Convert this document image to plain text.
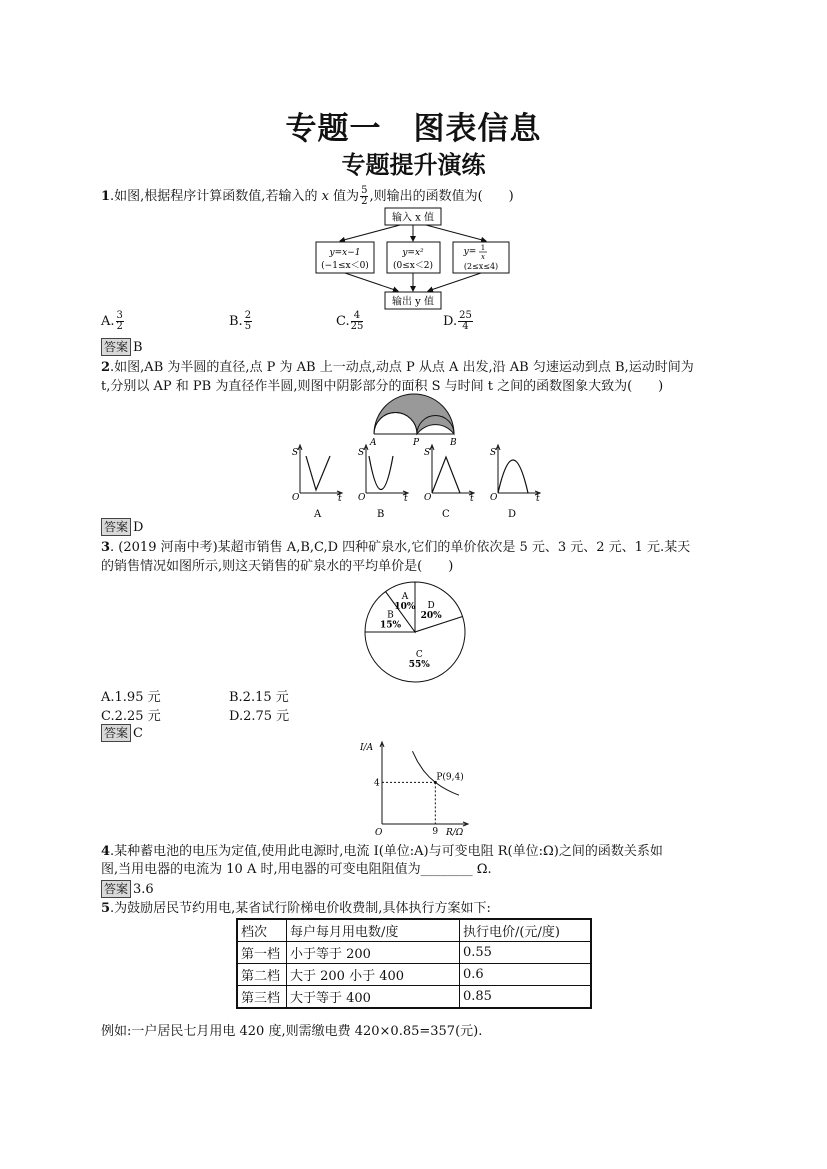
专题一　图表信息
专题提升演练
1.如图,根据程序计算函数值,若输入的 x 值为 $\frac{5}{2}$ ,则输出的函数值为(　　)
输入 x 值
y=x−1
(−1≤x＜0)
y=x²
(0≤x＜2)
y= 1
x
(2≤x≤4)
输出 y 值
A. $\frac{3}{2}$	B. $\frac{2}{5}$	C. $\frac{4}{25}$	D. $\frac{25}{4}$
答案 B
2.如图,AB 为半圆的直径,点 P 为 AB 上一动点,动点 P 从点 A 出发,沿 AB 匀速运动到点 B,运动时间为
t,分别以 AP 和 PB 为直径作半圆,则图中阴影部分的面积 S 与时间 t 之间的函数图象大致为(　　)
A	P	B
S
O	t
A
S
O	t
B
S
O	t
C
S
O	t
D
答案 D
3. (2019 河南中考)某超市销售 A,B,C,D 四种矿泉水,它们的单价依次是 5 元、3 元、2 元、1 元.某天
的销售情况如图所示,则这天销售的矿泉水的平均单价是(　　)
D
20%
C
55%
B
15%
A
10%
A.1.95 元	B.2.15 元
C.2.25 元	D.2.75 元
答案 C
P(9,4)
I/A
R/Ω
O
4
9
4.某种蓄电池的电压为定值,使用此电源时,电流 I(单位:A)与可变电阻 R(单位:Ω)之间的函数关系如
图,当用电器的电流为 10 A 时,用电器的可变电阻阻值为________ Ω.
答案 3.6
5.为鼓励居民节约用电,某省试行阶梯电价收费制,具体执行方案如下:
档次	每户每月用电数/度	执行电价/(元/度)
第一档	小于等于 200	0.55
第二档	大于 200 小于 400	0.6
第三档	大于等于 400	0.85
例如:一户居民七月用电 420 度,则需缴电费 420×0.85=357(元).
